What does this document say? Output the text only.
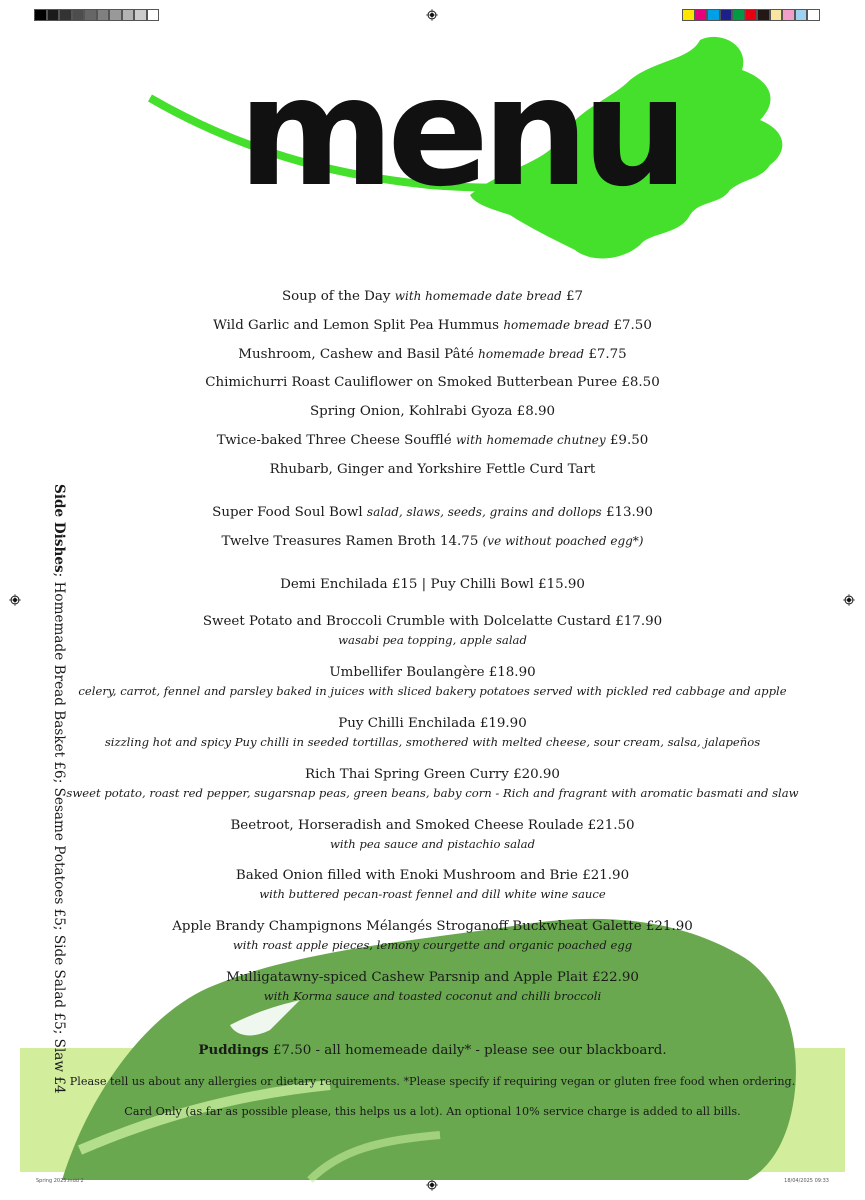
menu
Soup of the Day with homemade date bread £7
Wild Garlic and Lemon Split Pea Hummus homemade bread £7.50
Mushroom, Cashew and Basil Pâté homemade bread £7.75
Chimichurri Roast Cauliflower on Smoked Butterbean Puree £8.50
Spring Onion, Kohlrabi Gyoza £8.90
Twice-baked Three Cheese Soufflé with homemade chutney £9.50
Rhubarb, Ginger and Yorkshire Fettle Curd Tart
Super Food Soul Bowl salad, slaws, seeds, grains and dollops £13.90
Twelve Treasures Ramen Broth 14.75 (ve without poached egg*)
Demi Enchilada £15 | Puy Chilli Bowl £15.90
Sweet Potato and Broccoli Crumble with Dolcelatte Custard £17.90
wasabi pea topping, apple salad
Umbellifer Boulangère £18.90
celery, carrot, fennel and parsley baked in juices with sliced bakery potatoes served with pickled red cabbage and apple
Puy Chilli Enchilada £19.90
sizzling hot and spicy Puy chilli in seeded tortillas, smothered with melted cheese, sour cream, salsa, jalapeños
Rich Thai Spring Green Curry £20.90
sweet potato, roast red pepper, sugarsnap peas, green beans, baby corn - Rich and fragrant with aromatic basmati and slaw
Beetroot, Horseradish and Smoked Cheese Roulade £21.50
with pea sauce and pistachio salad
Baked Onion filled with Enoki Mushroom and Brie £21.90
with buttered pecan-roast fennel and dill white wine sauce
Apple Brandy Champignons Mélangés Stroganoff Buckwheat Galette £21.90
with roast apple pieces, lemony courgette and organic poached egg
Mulligatawny-spiced Cashew Parsnip and Apple Plait £22.90
with Korma sauce and toasted coconut and chilli broccoli
Side Dishes; Homemade Bread Basket £6; Sesame Potatoes £5; Side Salad £5; Slaw £4	Puddings £7.50 - all homemeade daily* - please see our blackboard.
Please tell us about any allergies or dietary requirements. *Please specify if requiring vegan or gluten free food when ordering.
Card Only (as far as possible please, this helps us a lot). An optional 10% service charge is added to all bills.
Spring 2025.indd 2	18/04/2025 09:33
